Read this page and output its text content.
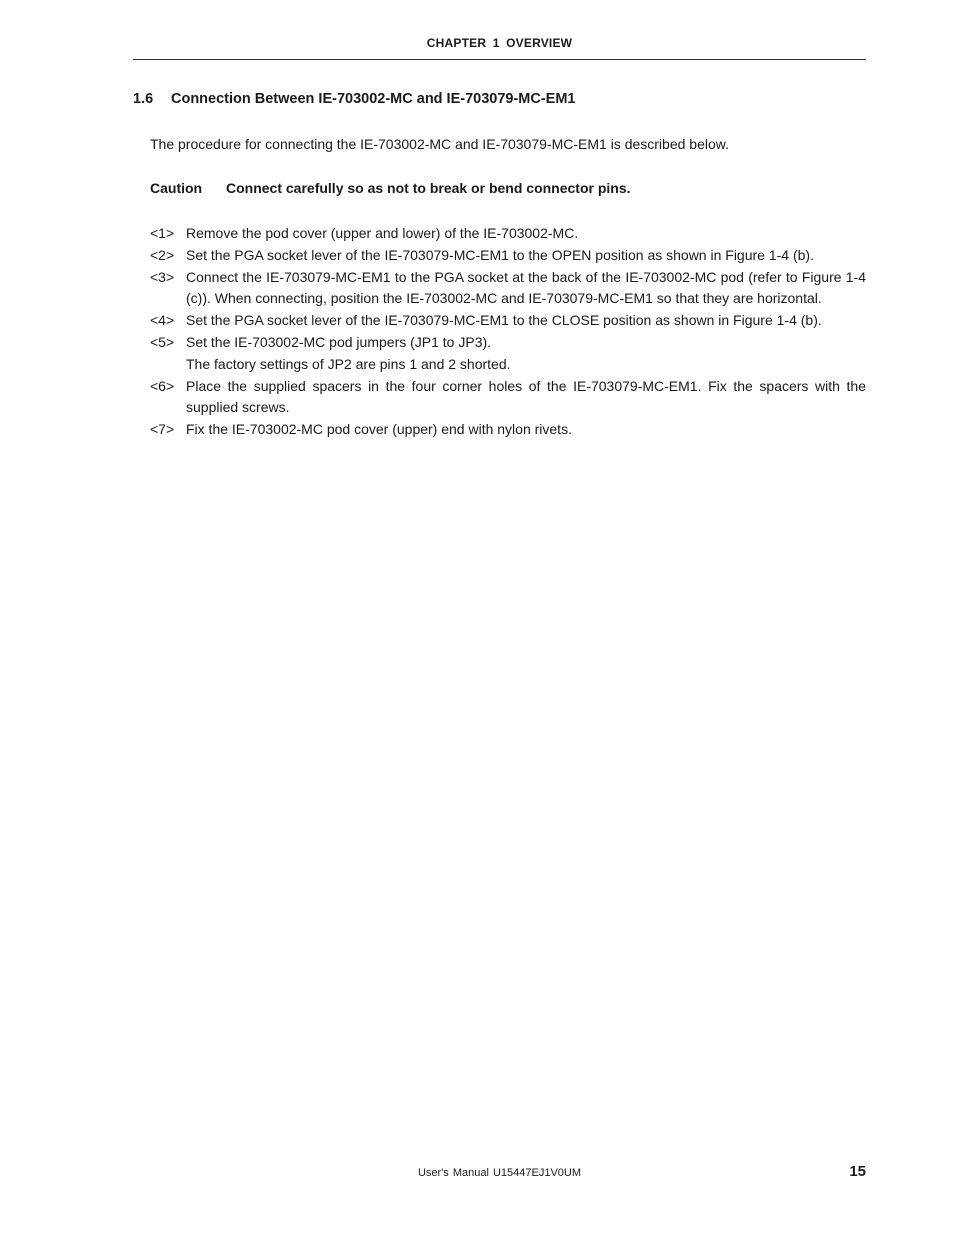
CHAPTER 1 OVERVIEW
1.6 Connection Between IE-703002-MC and IE-703079-MC-EM1
The procedure for connecting the IE-703002-MC and IE-703079-MC-EM1 is described below.
Caution Connect carefully so as not to break or bend connector pins.
<1> Remove the pod cover (upper and lower) of the IE-703002-MC.
<2> Set the PGA socket lever of the IE-703079-MC-EM1 to the OPEN position as shown in Figure 1-4 (b).
<3> Connect the IE-703079-MC-EM1 to the PGA socket at the back of the IE-703002-MC pod (refer to Figure 1-4
(c)). When connecting, position the IE-703002-MC and IE-703079-MC-EM1 so that they are horizontal.
<4> Set the PGA socket lever of the IE-703079-MC-EM1 to the CLOSE position as shown in Figure 1-4 (b).
<5> Set the IE-703002-MC pod jumpers (JP1 to JP3).
The factory settings of JP2 are pins 1 and 2 shorted.
<6> Place the supplied spacers in the four corner holes of the IE-703079-MC-EM1. Fix the spacers with the
supplied screws.
<7> Fix the IE-703002-MC pod cover (upper) end with nylon rivets.
User's Manual U15447EJ1V0UM	15
